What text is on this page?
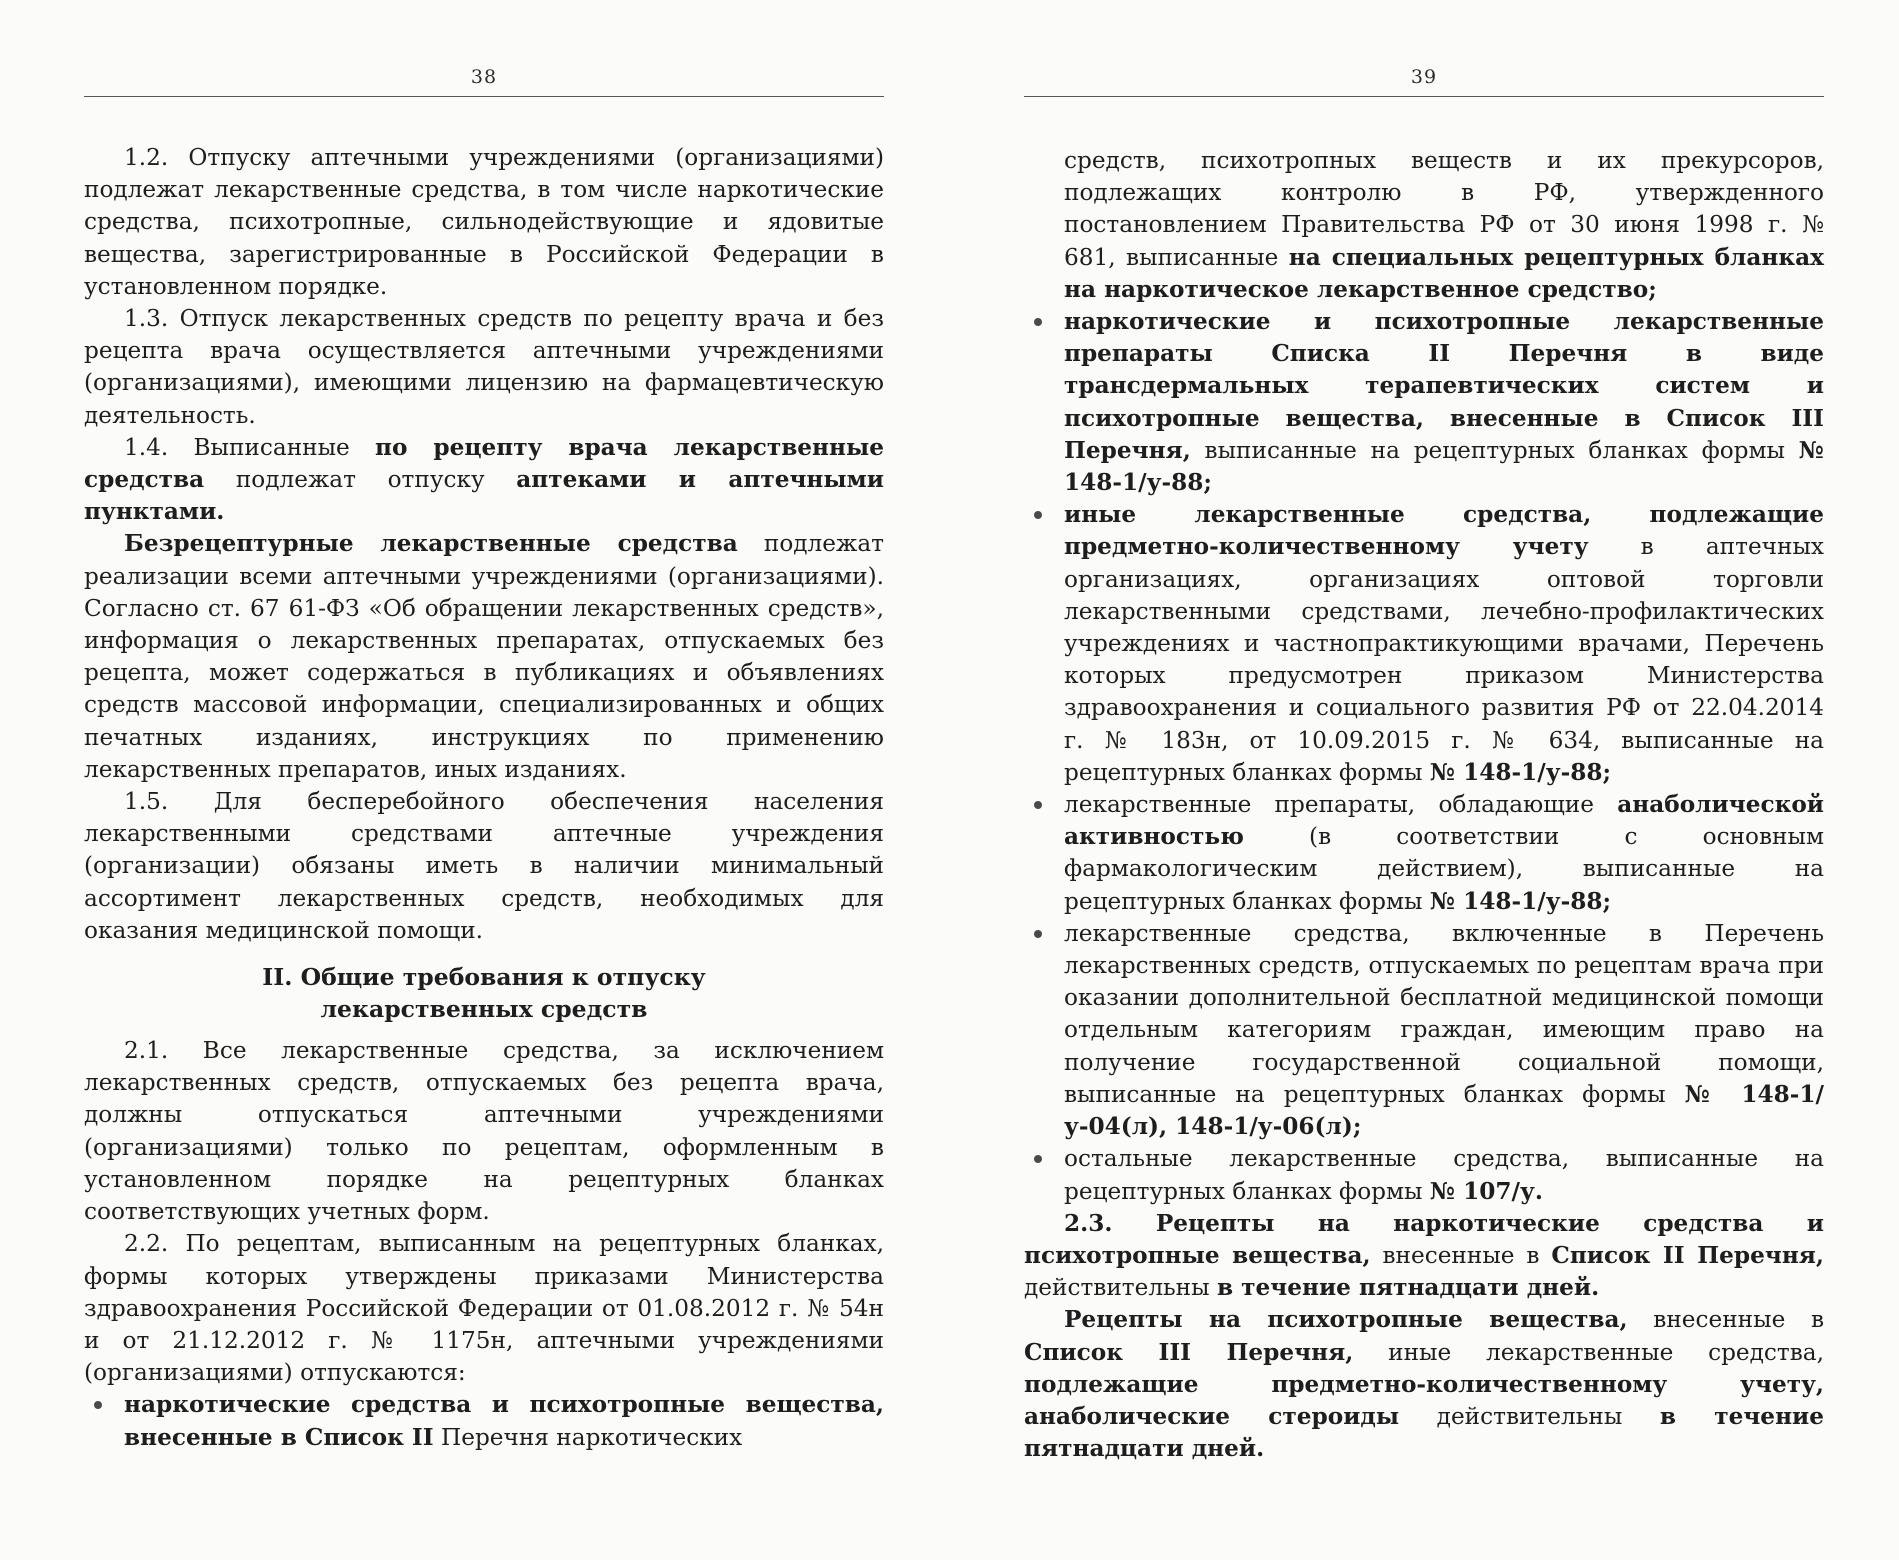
38

1.2. Отпуску аптечными учреждениями (организациями) подлежат лекарственные средства, в том числе наркотические средства, психотропные, сильнодействующие и ядовитые вещества, зарегистрированные в Российской Федерации в установленном порядке.

1.3. Отпуск лекарственных средств по рецепту врача и без рецепта врача осуществляется аптечными учреждениями (организациями), имеющими лицензию на фармацевтическую деятельность.

1.4. Выписанные по рецепту врача лекарственные средства подлежат отпуску аптеками и аптечными пунктами.

Безрецептурные лекарственные средства подлежат реализации всеми аптечными учреждениями (организациями). Согласно ст. 67 61-ФЗ «Об обращении лекарственных средств», информация о лекарственных препаратах, отпускаемых без рецепта, может содержаться в публикациях и объявлениях средств массовой информации, специализированных и общих печатных изданиях, инструкциях по применению лекарственных препаратов, иных изданиях.

1.5. Для бесперебойного обеспечения населения лекарственными средствами аптечные учреждения (организации) обязаны иметь в наличии минимальный ассортимент лекарственных средств, необходимых для оказания медицинской помощи.

II. Общие требования к отпуску
лекарственных средств

2.1. Все лекарственные средства, за исключением лекарственных средств, отпускаемых без рецепта врача, должны отпускаться аптечными учреждениями (организациями) только по рецептам, оформленным в установленном порядке на рецептурных бланках соответствующих учетных форм.

2.2. По рецептам, выписанным на рецептурных бланках, формы которых утверждены приказами Министерства здравоохранения Российской Федерации от 01.08.2012 г. № 54н и от 21.12.2012 г. № 1175н, аптечными учреждениями (организациями) отпускаются:

наркотические средства и психотропные вещества, внесенные в Список II Перечня наркотических
39
средств, психотропных веществ и их прекурсоров, подлежащих контролю в РФ, утвержденного постановлением Правительства РФ от 30 июня 1998 г. № 681, выписанные на специальных рецептурных бланках на наркотическое лекарственное средство;
наркотические и психотропные лекарственные препараты Списка II Перечня в виде трансдермальных терапевтических систем и психотропные вещества, внесенные в Список III Перечня, выписанные на рецептурных бланках формы № 148-1/у-88;
иные лекарственные средства, подлежащие предметно-количественному учету в аптечных организациях, организациях оптовой торговли лекарственными средствами, лечебно-профилактических учреждениях и частнопрактикующими врачами, Перечень которых предусмотрен приказом Министерства здравоохранения и социального развития РФ от 22.04.2014 г. № 183н, от 10.09.2015 г. № 634, выписанные на рецептурных бланках формы № 148-1/у-88;
лекарственные препараты, обладающие анаболической активностью (в соответствии с основным фармакологическим действием), выписанные на рецептурных бланках формы № 148-1/у-88;
лекарственные средства, включенные в Перечень лекарственных средств, отпускаемых по рецептам врача при оказании дополнительной бесплатной медицинской помощи отдельным категориям граждан, имеющим право на получение государственной социальной помощи, выписанные на рецептурных бланках формы № 148-1/у-04(л), 148-1/у-06(л);
остальные лекарственные средства, выписанные на рецептурных бланках формы № 107/у.

2.3. Рецепты на наркотические средства и психотропные вещества, внесенные в Список II Перечня, действительны в течение пятнадцати дней.

Рецепты на психотропные вещества, внесенные в Список III Перечня, иные лекарственные средства, подлежащие предметно-количественному учету, анаболические стероиды действительны в течение пятнадцати дней.
